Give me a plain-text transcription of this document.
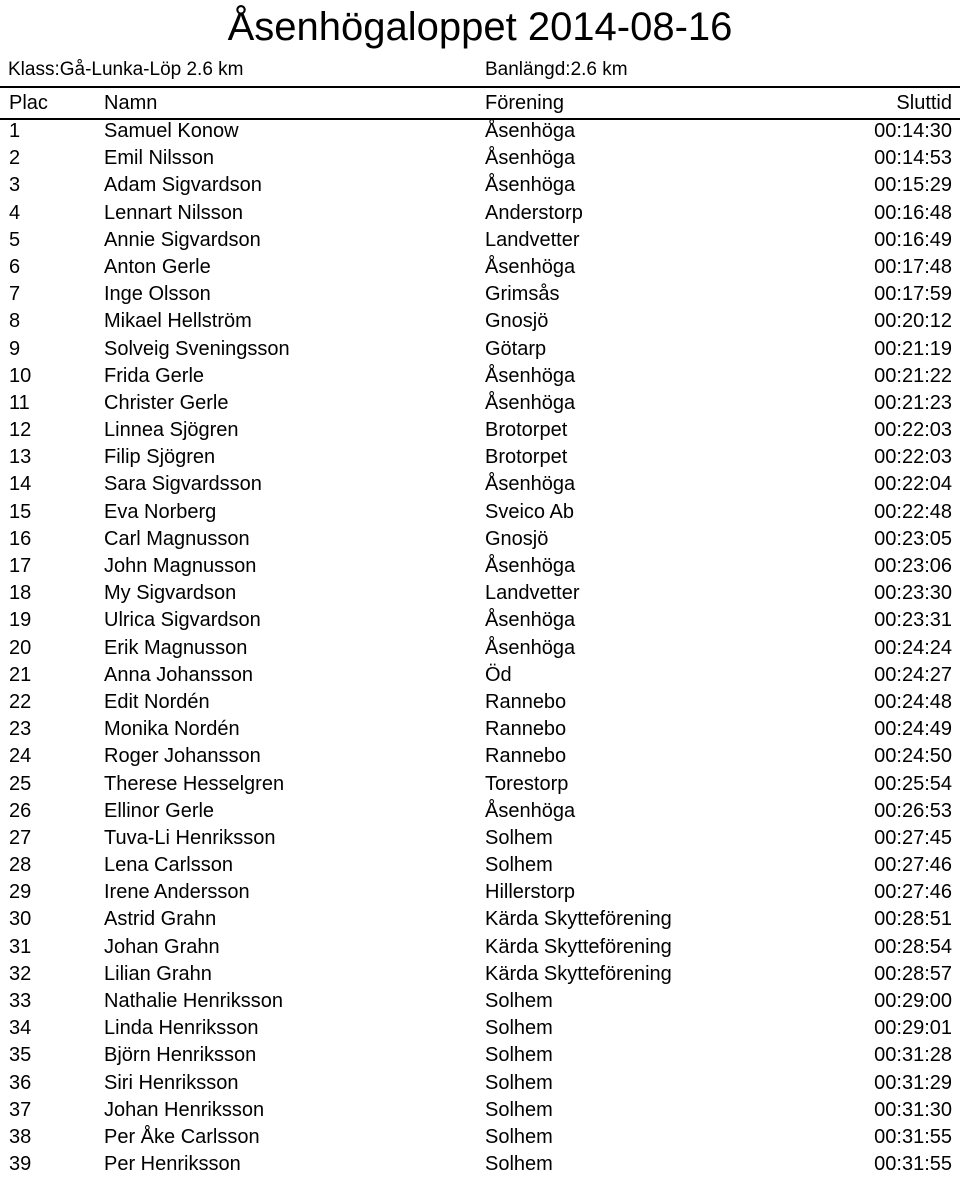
Åsenhögaloppet 2014-08-16
Klass:Gå-Lunka-Löp 2.6 km	Banlängd:2.6 km
Plac	Namn	Förening	Sluttid
1	Samuel Konow	Åsenhöga	00:14:30
2	Emil Nilsson	Åsenhöga	00:14:53
3	Adam Sigvardson	Åsenhöga	00:15:29
4	Lennart Nilsson	Anderstorp	00:16:48
5	Annie Sigvardson	Landvetter	00:16:49
6	Anton Gerle	Åsenhöga	00:17:48
7	Inge Olsson	Grimsås	00:17:59
8	Mikael Hellström	Gnosjö	00:20:12
9	Solveig Sveningsson	Götarp	00:21:19
10	Frida Gerle	Åsenhöga	00:21:22
11	Christer Gerle	Åsenhöga	00:21:23
12	Linnea Sjögren	Brotorpet	00:22:03
13	Filip Sjögren	Brotorpet	00:22:03
14	Sara Sigvardsson	Åsenhöga	00:22:04
15	Eva Norberg	Sveico Ab	00:22:48
16	Carl Magnusson	Gnosjö	00:23:05
17	John Magnusson	Åsenhöga	00:23:06
18	My Sigvardson	Landvetter	00:23:30
19	Ulrica Sigvardson	Åsenhöga	00:23:31
20	Erik Magnusson	Åsenhöga	00:24:24
21	Anna Johansson	Öd	00:24:27
22	Edit Nordén	Rannebo	00:24:48
23	Monika Nordén	Rannebo	00:24:49
24	Roger Johansson	Rannebo	00:24:50
25	Therese Hesselgren	Torestorp	00:25:54
26	Ellinor Gerle	Åsenhöga	00:26:53
27	Tuva-Li Henriksson	Solhem	00:27:45
28	Lena Carlsson	Solhem	00:27:46
29	Irene Andersson	Hillerstorp	00:27:46
30	Astrid Grahn	Kärda Skytteförening	00:28:51
31	Johan Grahn	Kärda Skytteförening	00:28:54
32	Lilian Grahn	Kärda Skytteförening	00:28:57
33	Nathalie Henriksson	Solhem	00:29:00
34	Linda Henriksson	Solhem	00:29:01
35	Björn Henriksson	Solhem	00:31:28
36	Siri Henriksson	Solhem	00:31:29
37	Johan Henriksson	Solhem	00:31:30
38	Per Åke Carlsson	Solhem	00:31:55
39	Per Henriksson	Solhem	00:31:55
